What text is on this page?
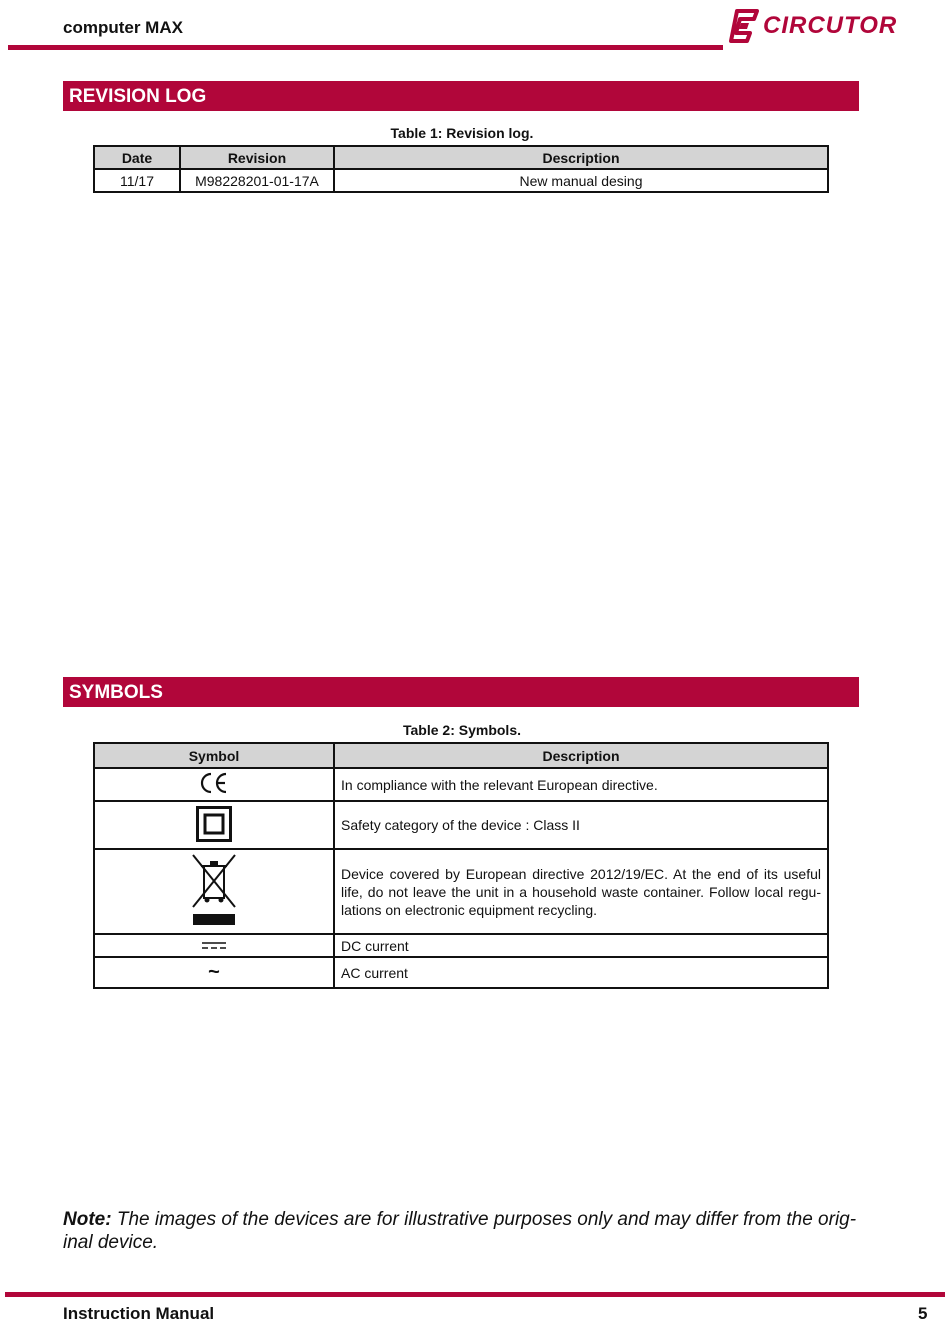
computer MAX	CIRCUTOR
REVISION LOG
Table 1: Revision log.
Date	Revision	Description
11/17	M98228201-01-17A	New manual desing
SYMBOLS
Table 2: Symbols.
Symbol	Description
	In compliance with the relevant European directive.
	Safety category of the device : Class II
	Device covered by European directive 2012/19/EC. At the end of its useful life, do not leave the unit in a household waste container. Follow local regu-lations on electronic equipment recycling.
	DC current
~	AC current
Note: The images of the devices are for illustrative purposes only and may differ from the orig-inal device.
Instruction Manual	5
